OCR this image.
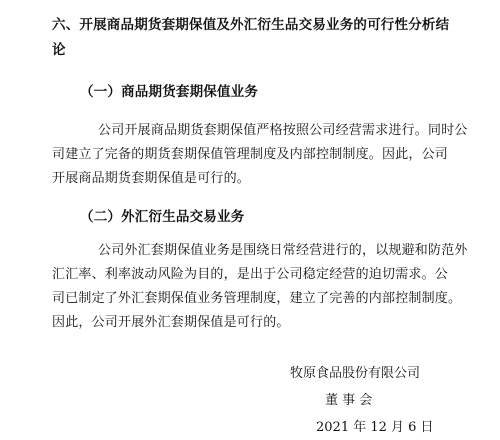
六、开展商品期货套期保值及外汇衍生品交易业务的可行性分析结
论
（一）商品期货套期保值业务
公司开展商品期货套期保值严格按照公司经营需求进行。同时公
司建立了完备的期货套期保值管理制度及内部控制制度。因此，公司
开展商品期货套期保值是可行的。
（二）外汇衍生品交易业务
公司外汇套期保值业务是围绕日常经营进行的，以规避和防范外
汇汇率、利率波动风险为目的，是出于公司稳定经营的迫切需求。公
司已制定了外汇套期保值业务管理制度，建立了完善的内部控制制度。
因此，公司开展外汇套期保值是可行的。
牧原食品股份有限公司
董 事 会
2021 年 12 月 6 日
